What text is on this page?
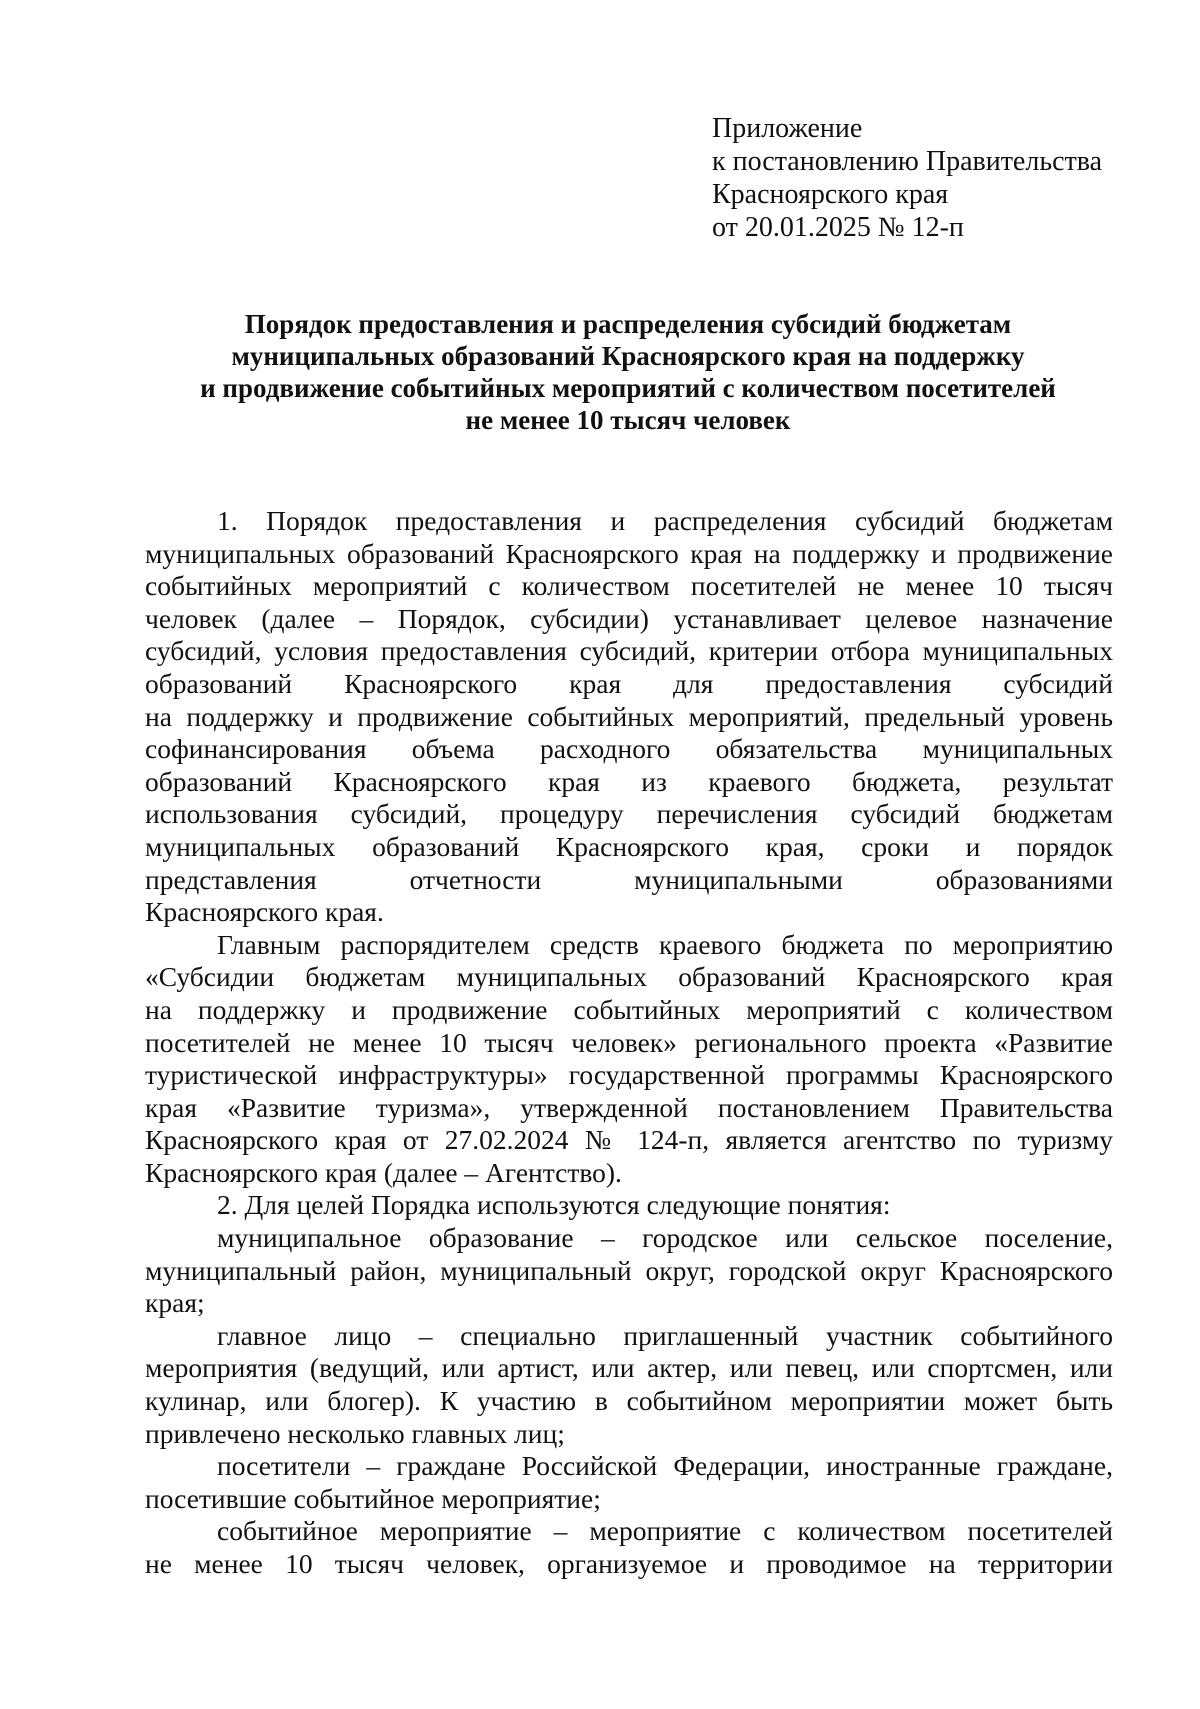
Приложение
к постановлению Правительства
Красноярского края
от 20.01.2025 № 12-п
Порядок предоставления и распределения субсидий бюджетам
муниципальных образований Красноярского края на поддержку
и продвижение событийных мероприятий с количеством посетителей
не менее 10 тысяч человек
1. Порядок предоставления и распределения субсидий бюджетам
муниципальных образований Красноярского края на поддержку и продвижение
событийных мероприятий с количеством посетителей не менее 10 тысяч
человек (далее – Порядок, субсидии) устанавливает целевое назначение
субсидий, условия предоставления субсидий, критерии отбора муниципальных
образований Красноярского края для предоставления субсидий
на поддержку и продвижение событийных мероприятий, предельный уровень
софинансирования объема расходного обязательства муниципальных
образований Красноярского края из краевого бюджета, результат
использования субсидий, процедуру перечисления субсидий бюджетам
муниципальных образований Красноярского края, сроки и порядок
представления отчетности муниципальными образованиями
Красноярского края.
Главным распорядителем средств краевого бюджета по мероприятию
«Субсидии бюджетам муниципальных образований Красноярского края
на поддержку и продвижение событийных мероприятий с количеством
посетителей не менее 10 тысяч человек» регионального проекта «Развитие
туристической инфраструктуры» государственной программы Красноярского
края «Развитие туризма», утвержденной постановлением Правительства
Красноярского края от 27.02.2024 № 124-п, является агентство по туризму
Красноярского края (далее – Агентство).
2. Для целей Порядка используются следующие понятия:
муниципальное образование – городское или сельское поселение,
муниципальный район, муниципальный округ, городской округ Красноярского
края;
главное лицо – специально приглашенный участник событийного
мероприятия (ведущий, или артист, или актер, или певец, или спортсмен, или
кулинар, или блогер). К участию в событийном мероприятии может быть
привлечено несколько главных лиц;
посетители – граждане Российской Федерации, иностранные граждане,
посетившие событийное мероприятие;
событийное мероприятие – мероприятие с количеством посетителей
не менее 10 тысяч человек, организуемое и проводимое на территории
